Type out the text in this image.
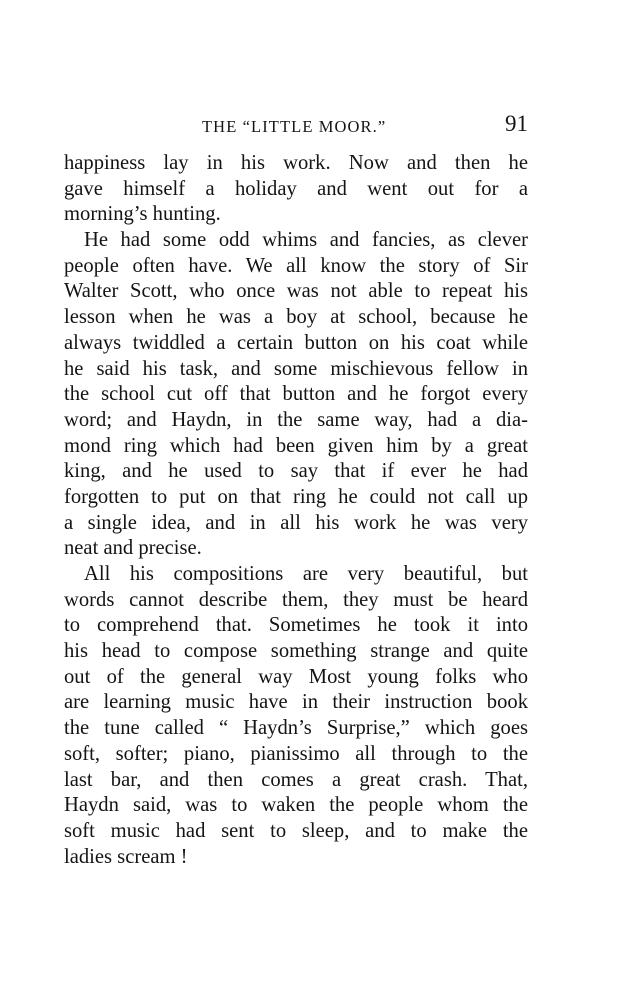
THE “LITTLE MOOR.”	91
happiness lay in his work. Now and then he
gave himself a holiday and went out for a
morning’s hunting.
He had some odd whims and fancies, as clever
people often have. We all know the story of Sir
Walter Scott, who once was not able to repeat his
lesson when he was a boy at school, because he
always twiddled a certain button on his coat while
he said his task, and some mischievous fellow in
the school cut off that button and he forgot every
word; and Haydn, in the same way, had a dia-
mond ring which had been given him by a great
king, and he used to say that if ever he had
forgotten to put on that ring he could not call up
a single idea, and in all his work he was very
neat and precise.
All his compositions are very beautiful, but
words cannot describe them, they must be heard
to comprehend that. Sometimes he took it into
his head to compose something strange and quite
out of the general way Most young folks who
are learning music have in their instruction book
the tune called “ Haydn’s Surprise,” which goes
soft, softer; piano, pianissimo all through to the
last bar, and then comes a great crash. That,
Haydn said, was to waken the people whom the
soft music had sent to sleep, and to make the
ladies scream !
